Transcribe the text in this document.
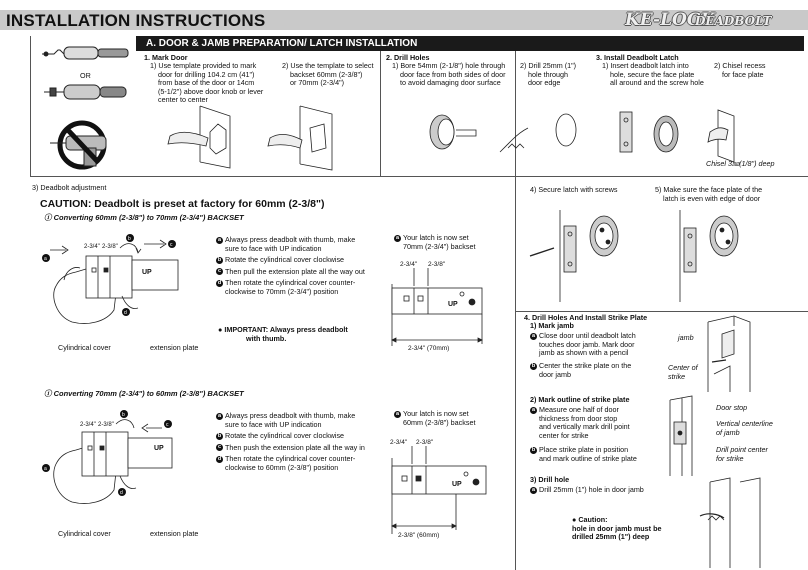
INSTALLATION INSTRUCTIONS	KE-LOCK
DEADBOLT
OR
A. DOOR & JAMB PREPARATION/ LATCH INSTALLATION
1. Mark Door
1) Use template provided to mark
door for drilling 104.2 cm (41")
from base of the door or 14cm
(5-1/2") above door knob or lever
center to center
2) Use the template to select
backset 60mm (2-3/8")
or 70mm (2-3/4")
2. Drill Holes
1) Bore 54mm (2-1/8") hole through
door face from both sides of door
to avoid damaging door surface
2) Drill 25mm (1")
hole through
door edge
3. Install Deadbolt Latch
1) Insert deadbolt latch into
hole, secure the face plate
all around and the screw hole
2) Chisel recess
for face plate
Chisel 3㎜(1/8") deep
3) Deadbolt adjustment
CAUTION: Deadbolt is preset at factory for 60mm (2-3/8")
ⓘ Converting 60mm (2-3/8") to 70mm (2-3/4") BACKSET
2-3/4" 2-3/8"
UP
a
b
c
d
Cylindrical cover	extension plate
a Always press deadbolt with thumb, make
sure to face with UP indication
b Rotate the cylindrical cover clockwise
c Then pull the extension plate all the way out
d Then rotate the cylindrical cover counter-
clockwise to 70mm (2-3/4") position
● IMPORTANT: Always press deadbolt
with thumb.
a Your latch is now set
70mm (2-3/4") backset
2-3/4" 2-3/8"
UP
2-3/4" (70mm)
ⓘ Converting 70mm (2-3/4") to 60mm (2-3/8") BACKSET
2-3/4" 2-3/8"
UP
a
b
c
d
Cylindrical cover	extension plate
a Always press deadbolt with thumb, make
sure to face with UP indication
b Rotate the cylindrical cover clockwise
c Then push the extension plate all the way in
d Then rotate the cylindrical cover counter-
clockwise to 60mm (2-3/8") position
a Your latch is now set
60mm (2-3/8") backset
2-3/4" 2-3/8"
UP
2-3/8" (60mm)
4) Secure latch with screws	5) Make sure the face plate of the
latch is even with edge of door
4. Drill Holes And Install Strike Plate
1) Mark jamb
a Close door until deadbolt latch
touches door jamb. Mark door
jamb as shown with a pencil
b Center the strike plate on the
door jamb
jamb
Center of
strike
2) Mark outline of strike plate
a Measure one half of door
thickness from door stop
and vertically mark drill point
center for strike
b Place strike plate in position
and mark outline of strike plate
Door stop
Vertical centerline
of jamb
Drill point center
for strike
3) Drill hole
a Drill 25mm (1") hole in door jamb
● Caution:
hole in door jamb must be
drilled 25mm (1") deep
